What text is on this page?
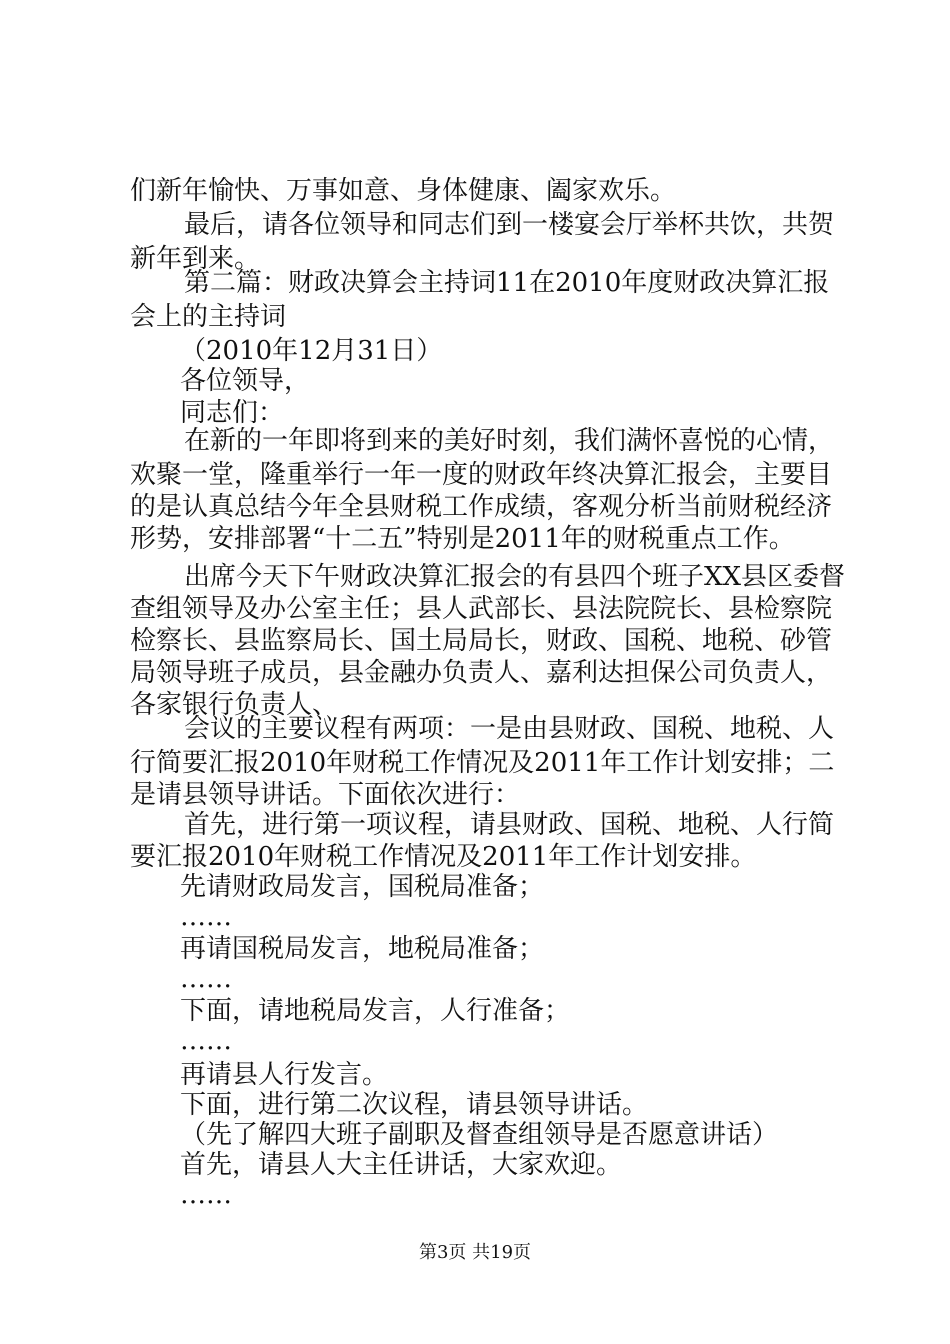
们新年愉快、万事如意、身体健康、阖家欢乐。
最后，请各位领导和同志们到一楼宴会厅举杯共饮，共贺
新年到来。
第二篇：财政决算会主持词11在2010年度财政决算汇报
会上的主持词
（2010年12月31日）
各位领导，
同志们：
在新的一年即将到来的美好时刻，我们满怀喜悦的心情，
欢聚一堂，隆重举行一年一度的财政年终决算汇报会，主要目
的是认真总结今年全县财税工作成绩，客观分析当前财税经济
形势，安排部署“十二五”特别是2011年的财税重点工作。
出席今天下午财政决算汇报会的有县四个班子XX县区委督
查组领导及办公室主任；县人武部长、县法院院长、县检察院
检察长、县监察局长、国土局局长，财政、国税、地税、砂管
局领导班子成员，县金融办负责人、嘉利达担保公司负责人，
各家银行负责人、
会议的主要议程有两项：一是由县财政、国税、地税、人
行简要汇报2010年财税工作情况及2011年工作计划安排；二
是请县领导讲话。下面依次进行：
首先，进行第一项议程，请县财政、国税、地税、人行简
要汇报2010年财税工作情况及2011年工作计划安排。
先请财政局发言，国税局准备；
……
再请国税局发言，地税局准备；
……
下面，请地税局发言，人行准备；
……
再请县人行发言。
下面，进行第二次议程，请县领导讲话。
（先了解四大班子副职及督查组领导是否愿意讲话）
首先，请县人大主任讲话，大家欢迎。
……
第3页 共19页
